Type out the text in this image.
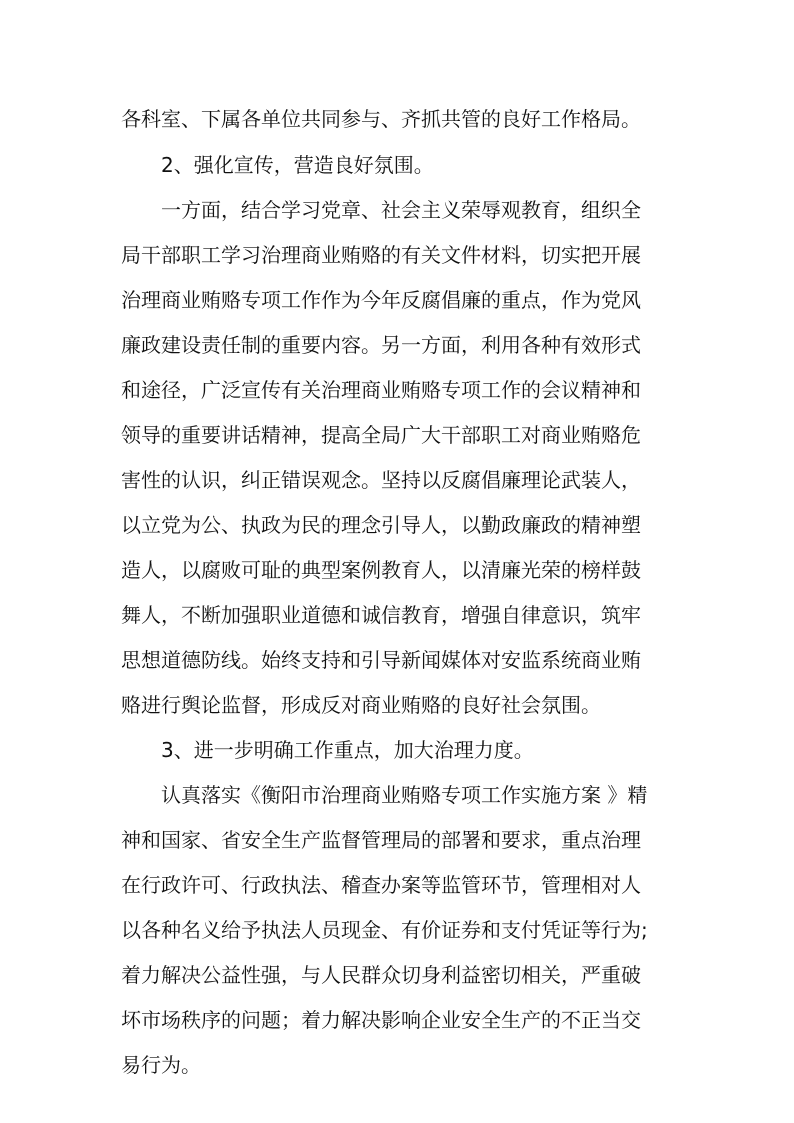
各科室、下属各单位共同参与、齐抓共管的良好工作格局。
2、强化宣传，营造良好氛围。
一方面，结合学习党章、社会主义荣辱观教育，组织全
局干部职工学习治理商业贿赂的有关文件材料，切实把开展
治理商业贿赂专项工作作为今年反腐倡廉的重点，作为党风
廉政建设责任制的重要内容。另一方面，利用各种有效形式
和途径，广泛宣传有关治理商业贿赂专项工作的会议精神和
领导的重要讲话精神，提高全局广大干部职工对商业贿赂危
害性的认识，纠正错误观念。坚持以反腐倡廉理论武装人，
以立党为公、执政为民的理念引导人，以勤政廉政的精神塑
造人，以腐败可耻的典型案例教育人，以清廉光荣的榜样鼓
舞人，不断加强职业道德和诚信教育，增强自律意识，筑牢
思想道德防线。始终支持和引导新闻媒体对安监系统商业贿
赂进行舆论监督，形成反对商业贿赂的良好社会氛围。
3、进一步明确工作重点，加大治理力度。
认真落实《衡阳市治理商业贿赂专项工作实施方案 》精
神和国家、省安全生产监督管理局的部署和要求，重点治理
在行政许可、行政执法、稽查办案等监管环节，管理相对人
以各种名义给予执法人员现金、有价证券和支付凭证等行为;
着力解决公益性强，与人民群众切身利益密切相关，严重破
坏市场秩序的问题；着力解决影响企业安全生产的不正当交
易行为。
